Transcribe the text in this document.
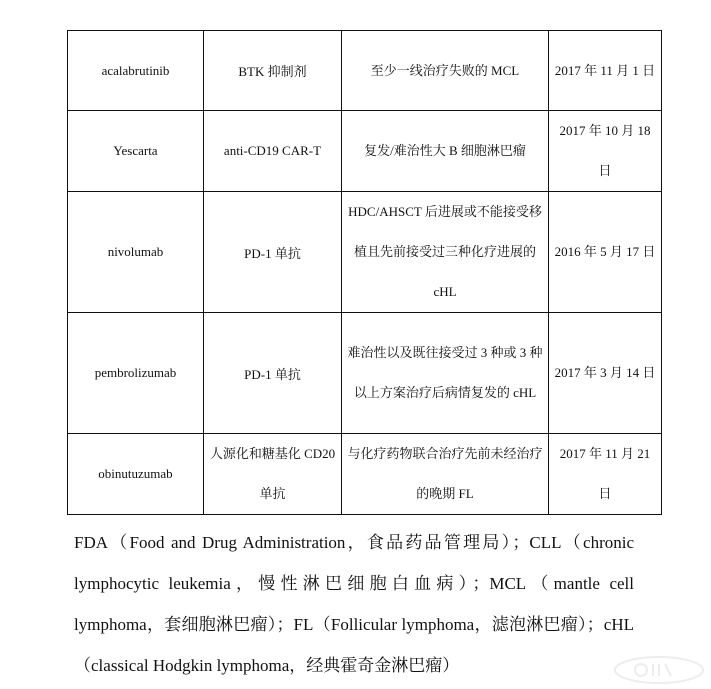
acalabrutinib	BTK 抑制剂	至少一线治疗失败的 MCL	2017 年 11 月 1 日

Yescarta	anti-CD19 CAR-T	复发/难治性大 B 细胞淋巴瘤	2017 年 10 月 18 日

nivolumab	PD-1 单抗	HDC/AHSCT 后进展或不能接受移植且先前接受过三种化疗进展的 cHL	2016 年 5 月 17 日

pembrolizumab	PD-1 单抗	难治性以及既往接受过 3 种或 3 种以上方案治疗后病情复发的 cHL	2017 年 3 月 14 日

obinutuzumab	人源化和糖基化 CD20 单抗	与化疗药物联合治疗先前未经治疗的晚期 FL	2017 年 11 月 21 日
FDA（Food and Drug Administration，食品药品管理局）；CLL（chronic lymphocytic leukemia，慢性淋巴细胞白血病）；MCL（mantle cell lymphoma，套细胞淋巴瘤）；FL（Follicular lymphoma，滤泡淋巴瘤）；cHL（classical Hodgkin lymphoma，经典霍奇金淋巴瘤）
